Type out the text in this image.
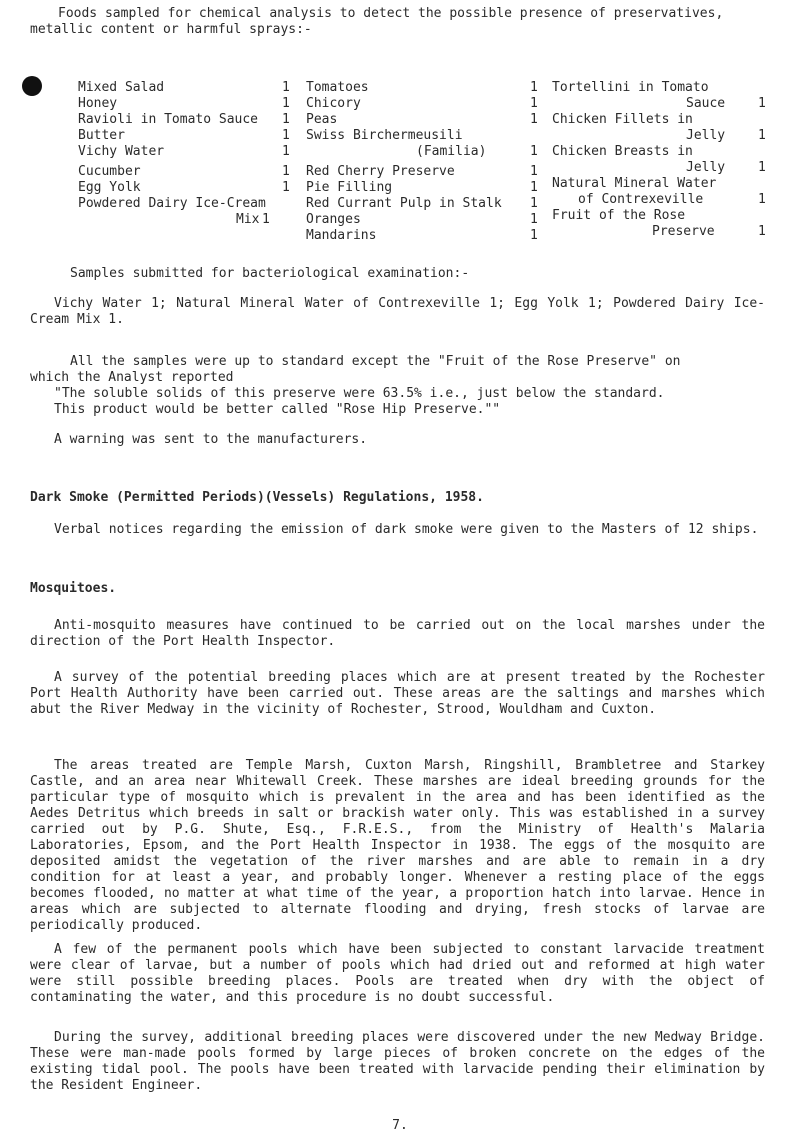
Foods sampled for chemical analysis to detect the possible presence of preservatives,
metallic content or harmful sprays:-
Mixed Salad	1
Honey	1
Ravioli in Tomato Sauce 1
Butter	1
Vichy Water	1
Cucumber	1
Egg Yolk	1
Powdered Dairy Ice-Cream
Mix 1
Tomatoes	1
Chicory	1
Peas	1
Swiss Birchermeusili
(Familia)	1
Red Cherry Preserve	1
Pie Filling	1
Red Currant Pulp in Stalk 1
Oranges	1
Mandarins	1
Tortellini in Tomato
Sauce	1
Chicken Fillets in
Jelly	1
Chicken Breasts in
Jelly	1
Natural Mineral Water
of Contrexeville	1
Fruit of the Rose
Preserve	1
Samples submitted for bacteriological examination:-
Vichy Water 1; Natural Mineral Water of Contrexeville 1; Egg Yolk 1; Powdered Dairy Ice-Cream Mix 1.
All the samples were up to standard except the "Fruit of the Rose Preserve" on
which the Analyst reported
"The soluble solids of this preserve were 63.5% i.e., just below the standard.
This product would be better called "Rose Hip Preserve.""
A warning was sent to the manufacturers.
Dark Smoke (Permitted Periods)(Vessels) Regulations, 1958.
Verbal notices regarding the emission of dark smoke were given to the Masters of 12 ships.
Mosquitoes.
Anti-mosquito measures have continued to be carried out on the local marshes under the direction of the Port Health Inspector.
A survey of the potential breeding places which are at present treated by the Rochester Port Health Authority have been carried out. These areas are the saltings and marshes which abut the River Medway in the vicinity of Rochester, Strood, Wouldham and Cuxton.
The areas treated are Temple Marsh, Cuxton Marsh, Ringshill, Brambletree and Starkey Castle, and an area near Whitewall Creek. These marshes are ideal breeding grounds for the particular type of mosquito which is prevalent in the area and has been identified as the Aedes Detritus which breeds in salt or brackish water only. This was established in a survey carried out by P.G. Shute, Esq., F.R.E.S., from the Ministry of Health's Malaria Laboratories, Epsom, and the Port Health Inspector in 1938. The eggs of the mosquito are deposited amidst the vegetation of the river marshes and are able to remain in a dry condition for at least a year, and probably longer. Whenever a resting place of the eggs becomes flooded, no matter at what time of the year, a proportion hatch into larvae. Hence in areas which are subjected to alternate flooding and drying, fresh stocks of larvae are periodically produced.
A few of the permanent pools which have been subjected to constant larvacide treatment were clear of larvae, but a number of pools which had dried out and reformed at high water were still possible breeding places. Pools are treated when dry with the object of contaminating the water, and this procedure is no doubt successful.
During the survey, additional breeding places were discovered under the new Medway Bridge. These were man-made pools formed by large pieces of broken concrete on the edges of the existing tidal pool. The pools have been treated with larvacide pending their elimination by the Resident Engineer.
7.
